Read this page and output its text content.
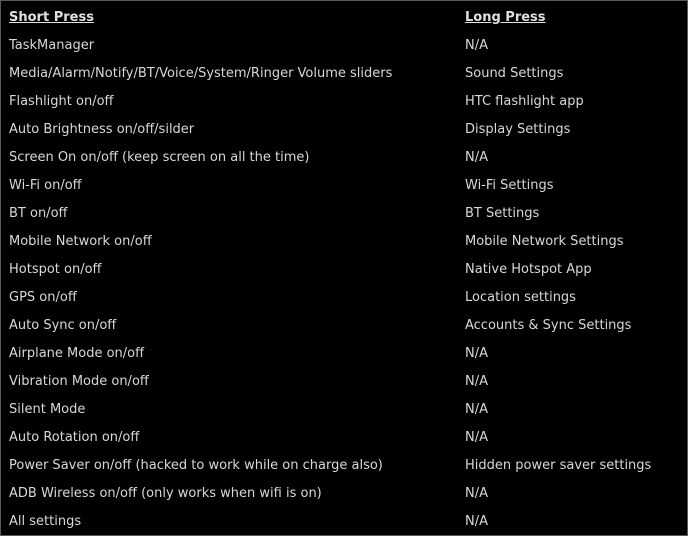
Short Press	Long Press
TaskManager	N/A
Media/Alarm/Notify/BT/Voice/System/Ringer Volume sliders	Sound Settings
Flashlight on/off	HTC flashlight app
Auto Brightness on/off/silder	Display Settings
Screen On on/off (keep screen on all the time)	N/A
Wi-Fi on/off	Wi-Fi Settings
BT on/off	BT Settings
Mobile Network on/off	Mobile Network Settings
Hotspot on/off	Native Hotspot App
GPS on/off	Location settings
Auto Sync on/off	Accounts & Sync Settings
Airplane Mode on/off	N/A
Vibration Mode on/off	N/A
Silent Mode	N/A
Auto Rotation on/off	N/A
Power Saver on/off (hacked to work while on charge also)	Hidden power saver settings
ADB Wireless on/off (only works when wifi is on)	N/A
All settings	N/A
